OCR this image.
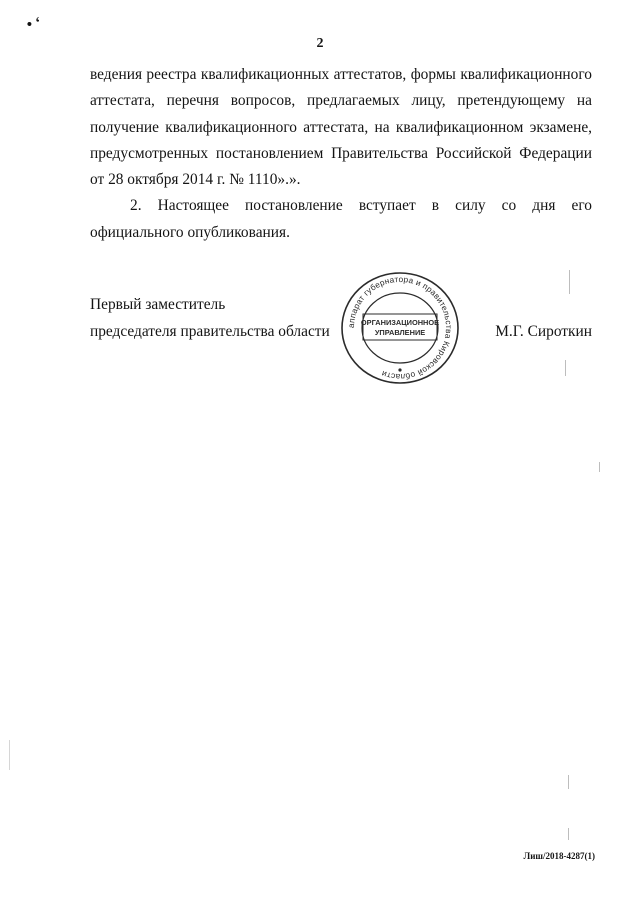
• ‘
2
ведения реестра квалификационных аттестатов, формы квалификационного
аттестата, перечня вопросов, предлагаемых лицу, претендующему на
получение квалификационного аттестата, на квалификационном экзамене,
предусмотренных постановлением Правительства Российской Федерации
от 28 октября 2014 г. № 1110».».
2. Настоящее постановление вступает в силу со дня его
официального опубликования.
Первый заместитель
председателя правительства области	М.Г. Сироткин
аппарат губернатора и правительства Кировской области
ОРГАНИЗАЦИОННОЕ
УПРАВЛЕНИЕ
Лиш/2018-4287(1)
